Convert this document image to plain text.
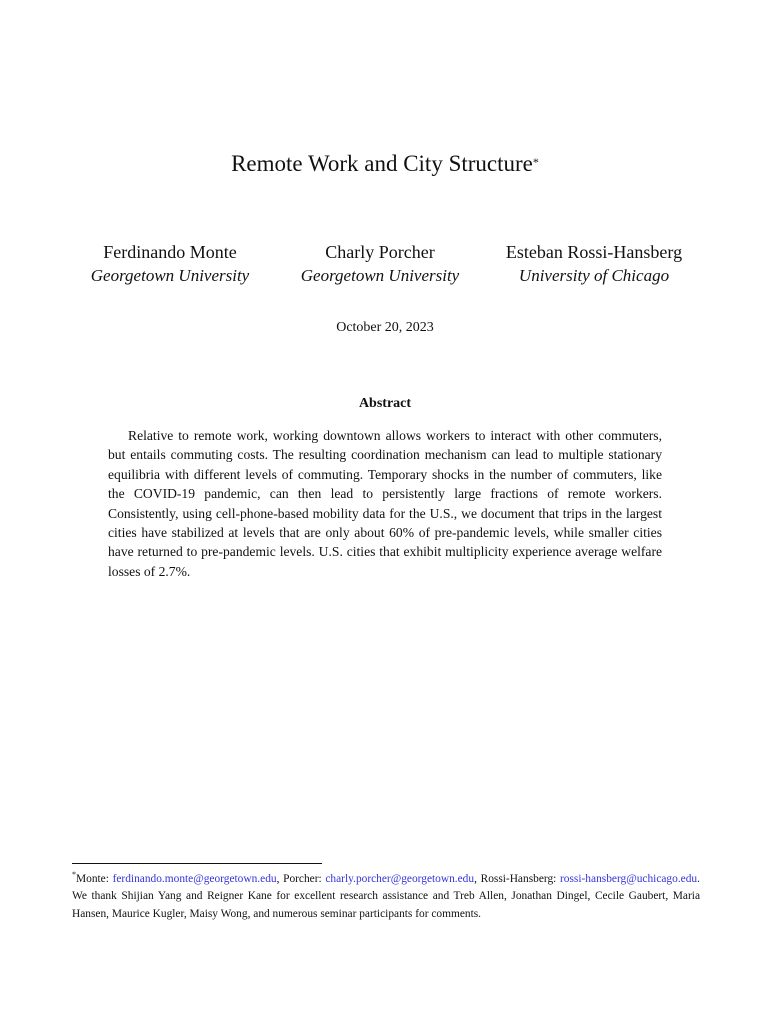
Remote Work and City Structure*
Ferdinando Monte
Georgetown University
Charly Porcher
Georgetown University
Esteban Rossi-Hansberg
University of Chicago
October 20, 2023
Abstract
Relative to remote work, working downtown allows workers to interact with other commuters, but entails commuting costs. The resulting coordination mechanism can lead to multiple stationary equilibria with different levels of commuting. Temporary shocks in the number of commuters, like the COVID-19 pandemic, can then lead to persistently large fractions of remote workers. Consistently, using cell-phone-based mobility data for the U.S., we document that trips in the largest cities have stabilized at levels that are only about 60% of pre-pandemic levels, while smaller cities have returned to pre-pandemic levels. U.S. cities that exhibit multiplicity experience average welfare losses of 2.7%.
*Monte: ferdinando.monte@georgetown.edu, Porcher: charly.porcher@georgetown.edu, Rossi-Hansberg: rossi-hansberg@uchicago.edu. We thank Shijian Yang and Reigner Kane for excellent research assistance and Treb Allen, Jonathan Dingel, Cecile Gaubert, Maria Hansen, Maurice Kugler, Maisy Wong, and numerous seminar participants for comments.
